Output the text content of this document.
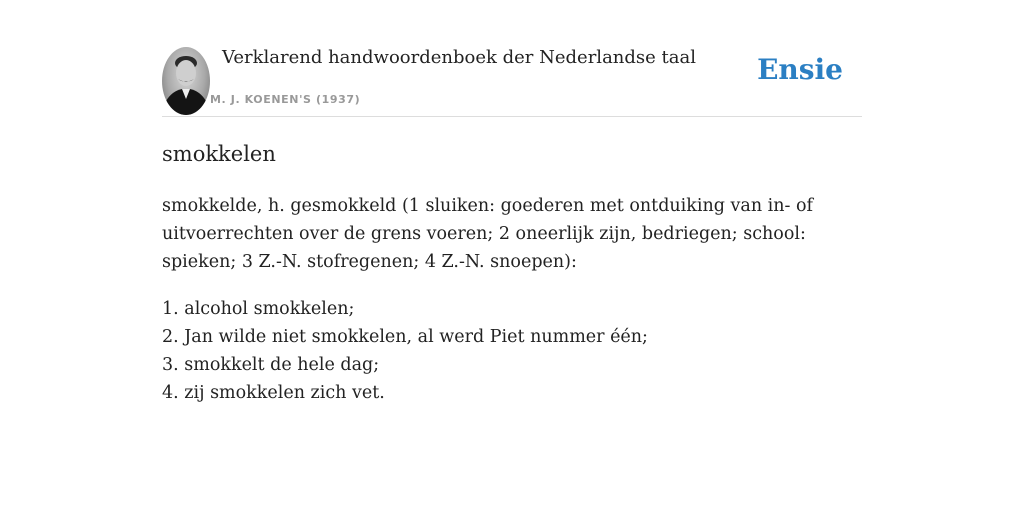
Verklarend handwoordenboek der Nederlandse taal
M. J. KOENEN'S (1937)
Ensie
smokkelen

smokkelde, h. gesmokkeld (1 sluiken: goederen met ontduiking van in- of uitvoerrechten over de grens voeren; 2 oneerlijk zijn, bedriegen; school: spieken; 3 Z.-N. stofregenen; 4 Z.-N. snoepen):

1. alcohol smokkelen;
2. Jan wilde niet smokkelen, al werd Piet nummer één;
3. smokkelt de hele dag;
4. zij smokkelen zich vet.
